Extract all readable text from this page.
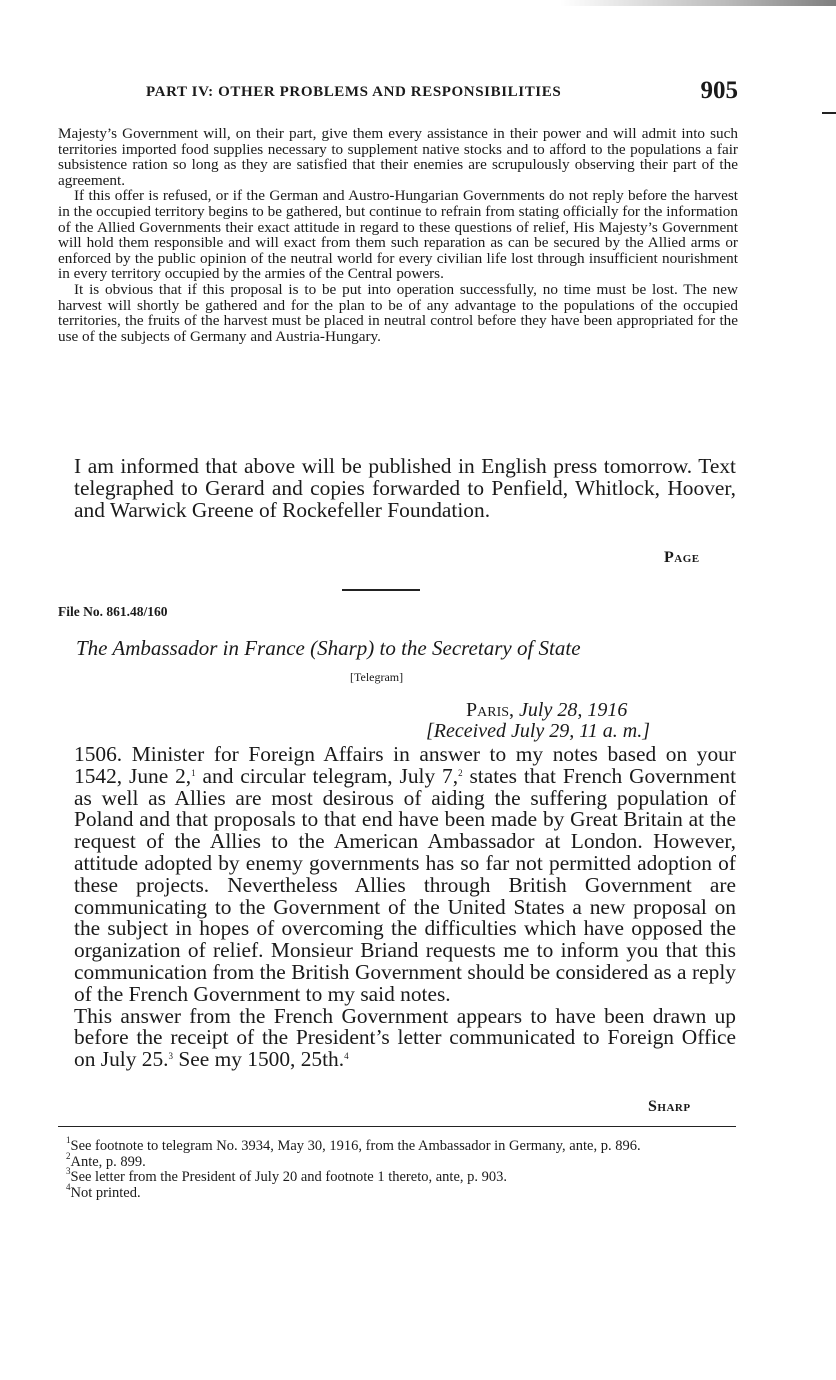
PART IV: OTHER PROBLEMS AND RESPONSIBILITIES	905

Majesty’s Government will, on their part, give them every assistance in their power and will admit into such territories imported food supplies necessary to supplement native stocks and to afford to the populations a fair subsistence ration so long as they are satisfied that their enemies are scrupulously observing their part of the agreement.

If this offer is refused, or if the German and Austro-Hungarian Governments do not reply before the harvest in the occupied territory begins to be gathered, but continue to refrain from stating officially for the information of the Allied Governments their exact attitude in regard to these questions of relief, His Majesty’s Government will hold them responsible and will exact from them such reparation as can be secured by the Allied arms or enforced by the public opinion of the neutral world for every civilian life lost through insufficient nourishment in every territory occupied by the armies of the Central powers.

It is obvious that if this proposal is to be put into operation successfully, no time must be lost. The new harvest will shortly be gathered and for the plan to be of any advantage to the populations of the occupied territories, the fruits of the harvest must be placed in neutral control before they have been appropriated for the use of the subjects of Germany and Austria-Hungary.

I am informed that above will be published in English press tomorrow. Text telegraphed to Gerard and copies forwarded to Penfield, Whitlock, Hoover, and Warwick Greene of Rockefeller Foundation.

Page
File No. 861.48/160
The Ambassador in France (Sharp) to the Secretary of State
[Telegram]
Paris, July 28, 1916
[Received July 29, 11 a. m.]

1506. Minister for Foreign Affairs in answer to my notes based on your 1542, June 2,$^1$ and circular telegram, July 7,$^2$ states that French Government as well as Allies are most desirous of aiding the suffering population of Poland and that proposals to that end have been made by Great Britain at the request of the Allies to the American Ambassador at London. However, attitude adopted by enemy governments has so far not permitted adoption of these projects. Nevertheless Allies through British Government are communicating to the Government of the United States a new proposal on the subject in hopes of overcoming the difficulties which have opposed the organization of relief. Monsieur Briand requests me to inform you that this communication from the British Government should be considered as a reply of the French Government to my said notes.

This answer from the French Government appears to have been drawn up before the receipt of the President’s letter communicated to Foreign Office on July 25.$^3$ See my 1500, 25th.$^4$

Sharp

$^1$See footnote to telegram No. 3934, May 30, 1916, from the Ambassador in Germany, ante, p. 896.

$^2$Ante, p. 899.

$^3$See letter from the President of July 20 and footnote 1 thereto, ante, p. 903.

$^4$Not printed.
